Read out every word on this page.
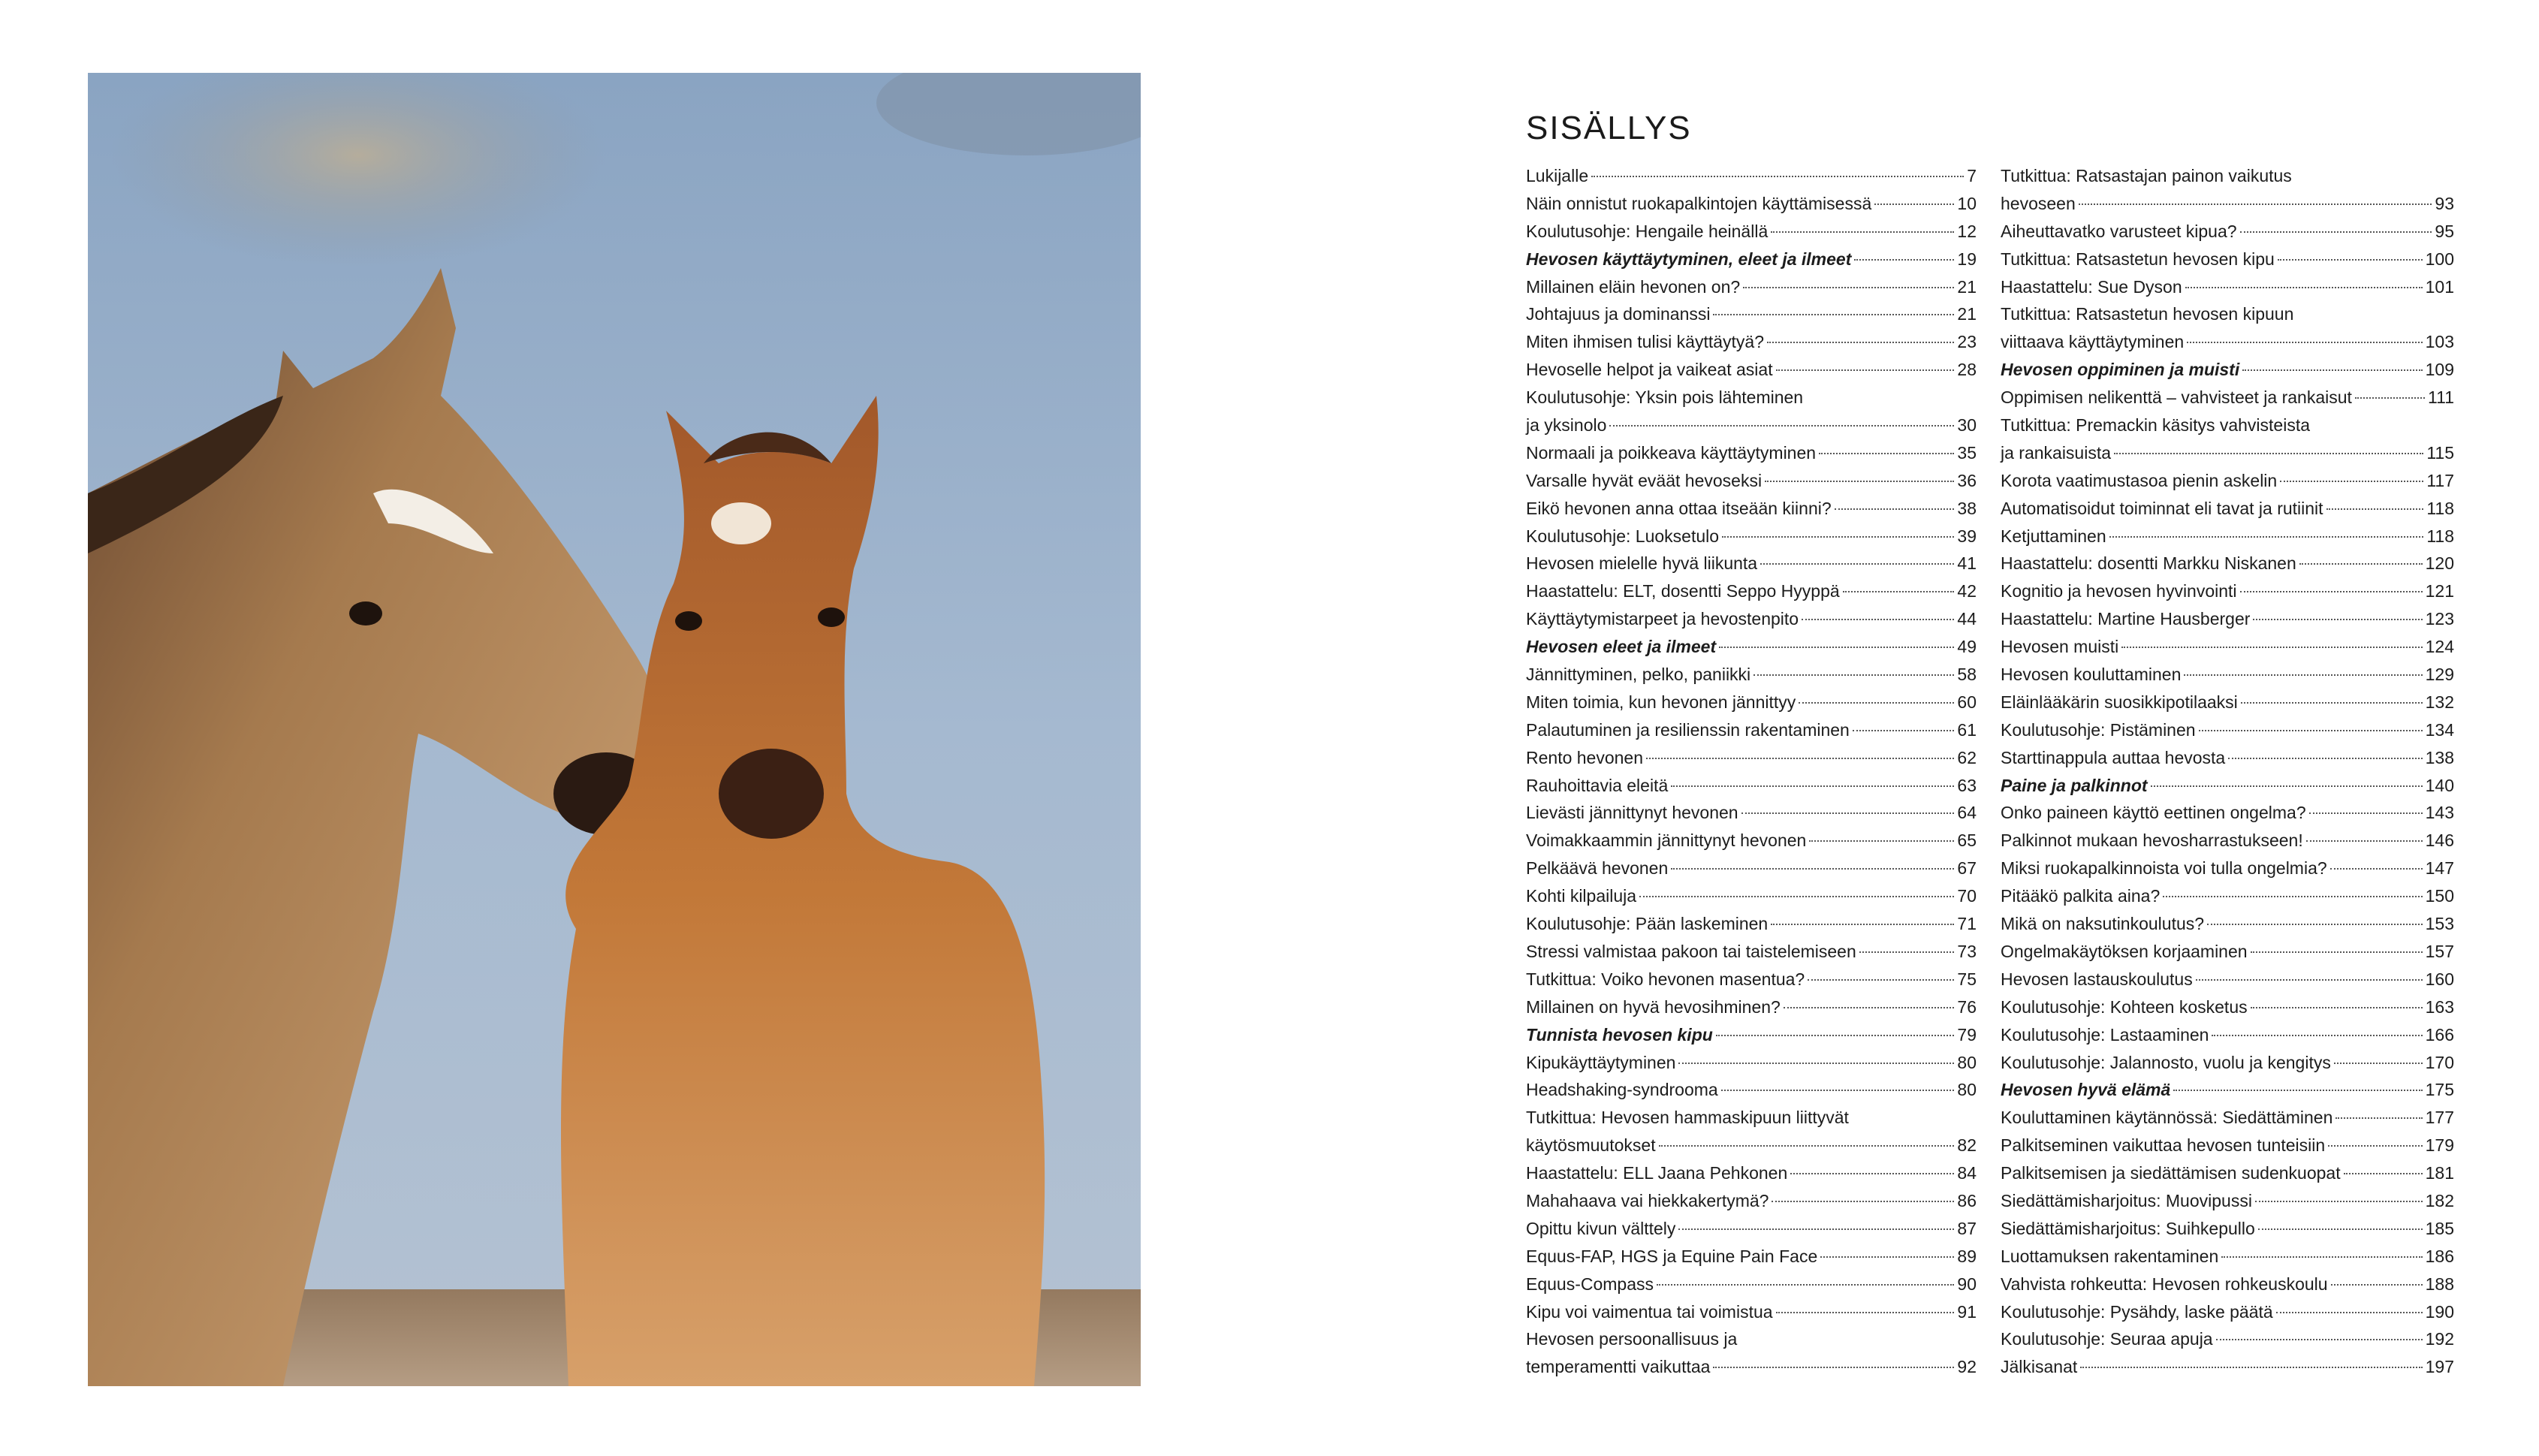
SISÄLLYS
Lukijalle	7
Näin onnistut ruokapalkintojen käyttämisessä	10
Koulutusohje: Hengaile heinällä	12
Hevosen käyttäytyminen, eleet ja ilmeet	19
Millainen eläin hevonen on?	21
Johtajuus ja dominanssi	21
Miten ihmisen tulisi käyttäytyä?	23
Hevoselle helpot ja vaikeat asiat	28
Koulutusohje: Yksin pois lähteminen
ja yksinolo	30
Normaali ja poikkeava käyttäytyminen	35
Varsalle hyvät eväät hevoseksi	36
Eikö hevonen anna ottaa itseään kiinni?	38
Koulutusohje: Luoksetulo	39
Hevosen mielelle hyvä liikunta	41
Haastattelu: ELT, dosentti Seppo Hyyppä	42
Käyttäytymistarpeet ja hevostenpito	44
Hevosen eleet ja ilmeet	49
Jännittyminen, pelko, paniikki	58
Miten toimia, kun hevonen jännittyy	60
Palautuminen ja resilienssin rakentaminen	61
Rento hevonen	62
Rauhoittavia eleitä	63
Lievästi jännittynyt hevonen	64
Voimakkaammin jännittynyt hevonen	65
Pelkäävä hevonen	67
Kohti kilpailuja	70
Koulutusohje: Pään laskeminen	71
Stressi valmistaa pakoon tai taistelemiseen	73
Tutkittua: Voiko hevonen masentua?	75
Millainen on hyvä hevosihminen?	76
Tunnista hevosen kipu	79
Kipukäyttäytyminen	80
Headshaking-syndrooma	80
Tutkittua: Hevosen hammaskipuun liittyvät
käytösmuutokset	82
Haastattelu: ELL Jaana Pehkonen	84
Mahahaava vai hiekkakertymä?	86
Opittu kivun välttely	87
Equus-FAP, HGS ja Equine Pain Face	89
Equus-Compass	90
Kipu voi vaimentua tai voimistua	91
Hevosen persoonallisuus ja
temperamentti vaikuttaa	92
Tutkittua: Ratsastajan painon vaikutus
hevoseen	93
Aiheuttavatko varusteet kipua?	95
Tutkittua: Ratsastetun hevosen kipu	100
Haastattelu: Sue Dyson	101
Tutkittua: Ratsastetun hevosen kipuun
viittaava käyttäytyminen	103
Hevosen oppiminen ja muisti	109
Oppimisen nelikenttä – vahvisteet ja rankaisut	111
Tutkittua: Premackin käsitys vahvisteista
ja rankaisuista	115
Korota vaatimustasoa pienin askelin	117
Automatisoidut toiminnat eli tavat ja rutiinit	118
Ketjuttaminen	118
Haastattelu: dosentti Markku Niskanen	120
Kognitio ja hevosen hyvinvointi	121
Haastattelu: Martine Hausberger	123
Hevosen muisti	124
Hevosen kouluttaminen	129
Eläinlääkärin suosikkipotilaaksi	132
Koulutusohje: Pistäminen	134
Starttinappula auttaa hevosta	138
Paine ja palkinnot	140
Onko paineen käyttö eettinen ongelma?	143
Palkinnot mukaan hevosharrastukseen!	146
Miksi ruokapalkinnoista voi tulla ongelmia?	147
Pitääkö palkita aina?	150
Mikä on naksutinkoulutus?	153
Ongelmakäytöksen korjaaminen	157
Hevosen lastauskoulutus	160
Koulutusohje: Kohteen kosketus	163
Koulutusohje: Lastaaminen	166
Koulutusohje: Jalannosto, vuolu ja kengitys	170
Hevosen hyvä elämä	175
Kouluttaminen käytännössä: Siedättäminen	177
Palkitseminen vaikuttaa hevosen tunteisiin	179
Palkitsemisen ja siedättämisen sudenkuopat	181
Siedättämisharjoitus: Muovipussi	182
Siedättämisharjoitus: Suihkepullo	185
Luottamuksen rakentaminen	186
Vahvista rohkeutta: Hevosen rohkeuskoulu	188
Koulutusohje: Pysähdy, laske päätä	190
Koulutusohje: Seuraa apuja	192
Jälkisanat	197
